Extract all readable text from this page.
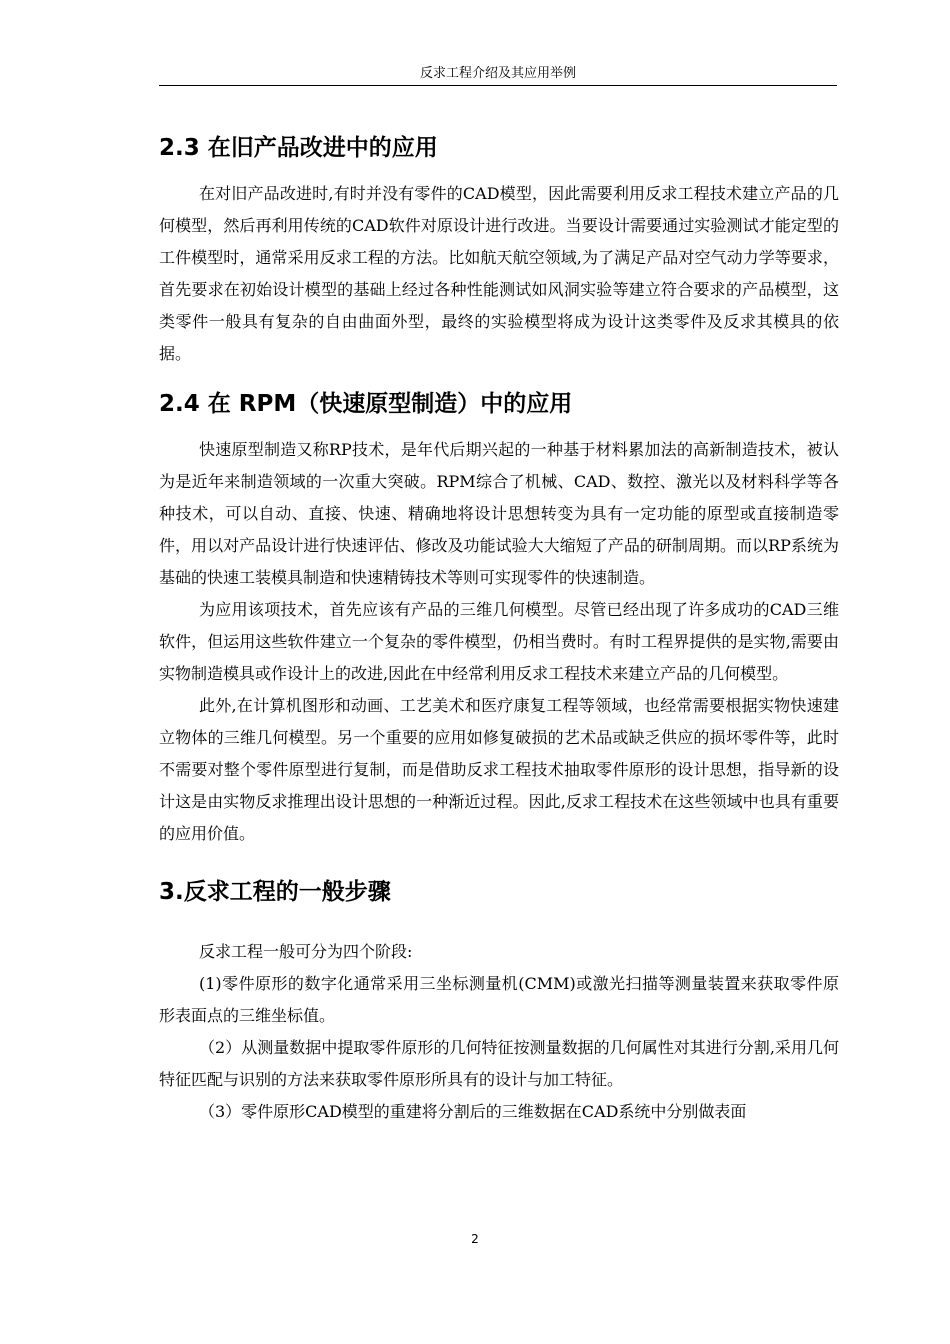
反求工程介绍及其应用举例
2.3 在旧产品改进中的应用

在对旧产品改进时,有时并没有零件的CAD模型，因此需要利用反求工程技术建立产品的几何模型，然后再利用传统的CAD软件对原设计进行改进。当要设计需要通过实验测试才能定型的工件模型时，通常采用反求工程的方法。比如航天航空领域,为了满足产品对空气动力学等要求，首先要求在初始设计模型的基础上经过各种性能测试如风洞实验等建立符合要求的产品模型，这类零件一般具有复杂的自由曲面外型，最终的实验模型将成为设计这类零件及反求其模具的依据。

2.4 在 RPM（快速原型制造）中的应用

快速原型制造又称RP技术，是年代后期兴起的一种基于材料累加法的高新制造技术，被认为是近年来制造领域的一次重大突破。RPM综合了机械、CAD、数控、激光以及材料科学等各种技术，可以自动、直接、快速、精确地将设计思想转变为具有一定功能的原型或直接制造零件，用以对产品设计进行快速评估、修改及功能试验大大缩短了产品的研制周期。而以RP系统为基础的快速工装模具制造和快速精铸技术等则可实现零件的快速制造。

为应用该项技术，首先应该有产品的三维几何模型。尽管已经出现了许多成功的CAD三维软件，但运用这些软件建立一个复杂的零件模型，仍相当费时。有时工程界提供的是实物,需要由实物制造模具或作设计上的改进,因此在中经常利用反求工程技术来建立产品的几何模型。

此外,在计算机图形和动画、工艺美术和医疗康复工程等领域，也经常需要根据实物快速建立物体的三维几何模型。另一个重要的应用如修复破损的艺术品或缺乏供应的损坏零件等，此时不需要对整个零件原型进行复制，而是借助反求工程技术抽取零件原形的设计思想，指导新的设计这是由实物反求推理出设计思想的一种渐近过程。因此,反求工程技术在这些领域中也具有重要的应用价值。

3.反求工程的一般步骤

反求工程一般可分为四个阶段:

(1)零件原形的数字化通常采用三坐标测量机(CMM)或激光扫描等测量装置来获取零件原形表面点的三维坐标值。

（2）从测量数据中提取零件原形的几何特征按测量数据的几何属性对其进行分割,采用几何特征匹配与识别的方法来获取零件原形所具有的设计与加工特征。

（3）零件原形CAD模型的重建将分割后的三维数据在CAD系统中分别做表面

2
